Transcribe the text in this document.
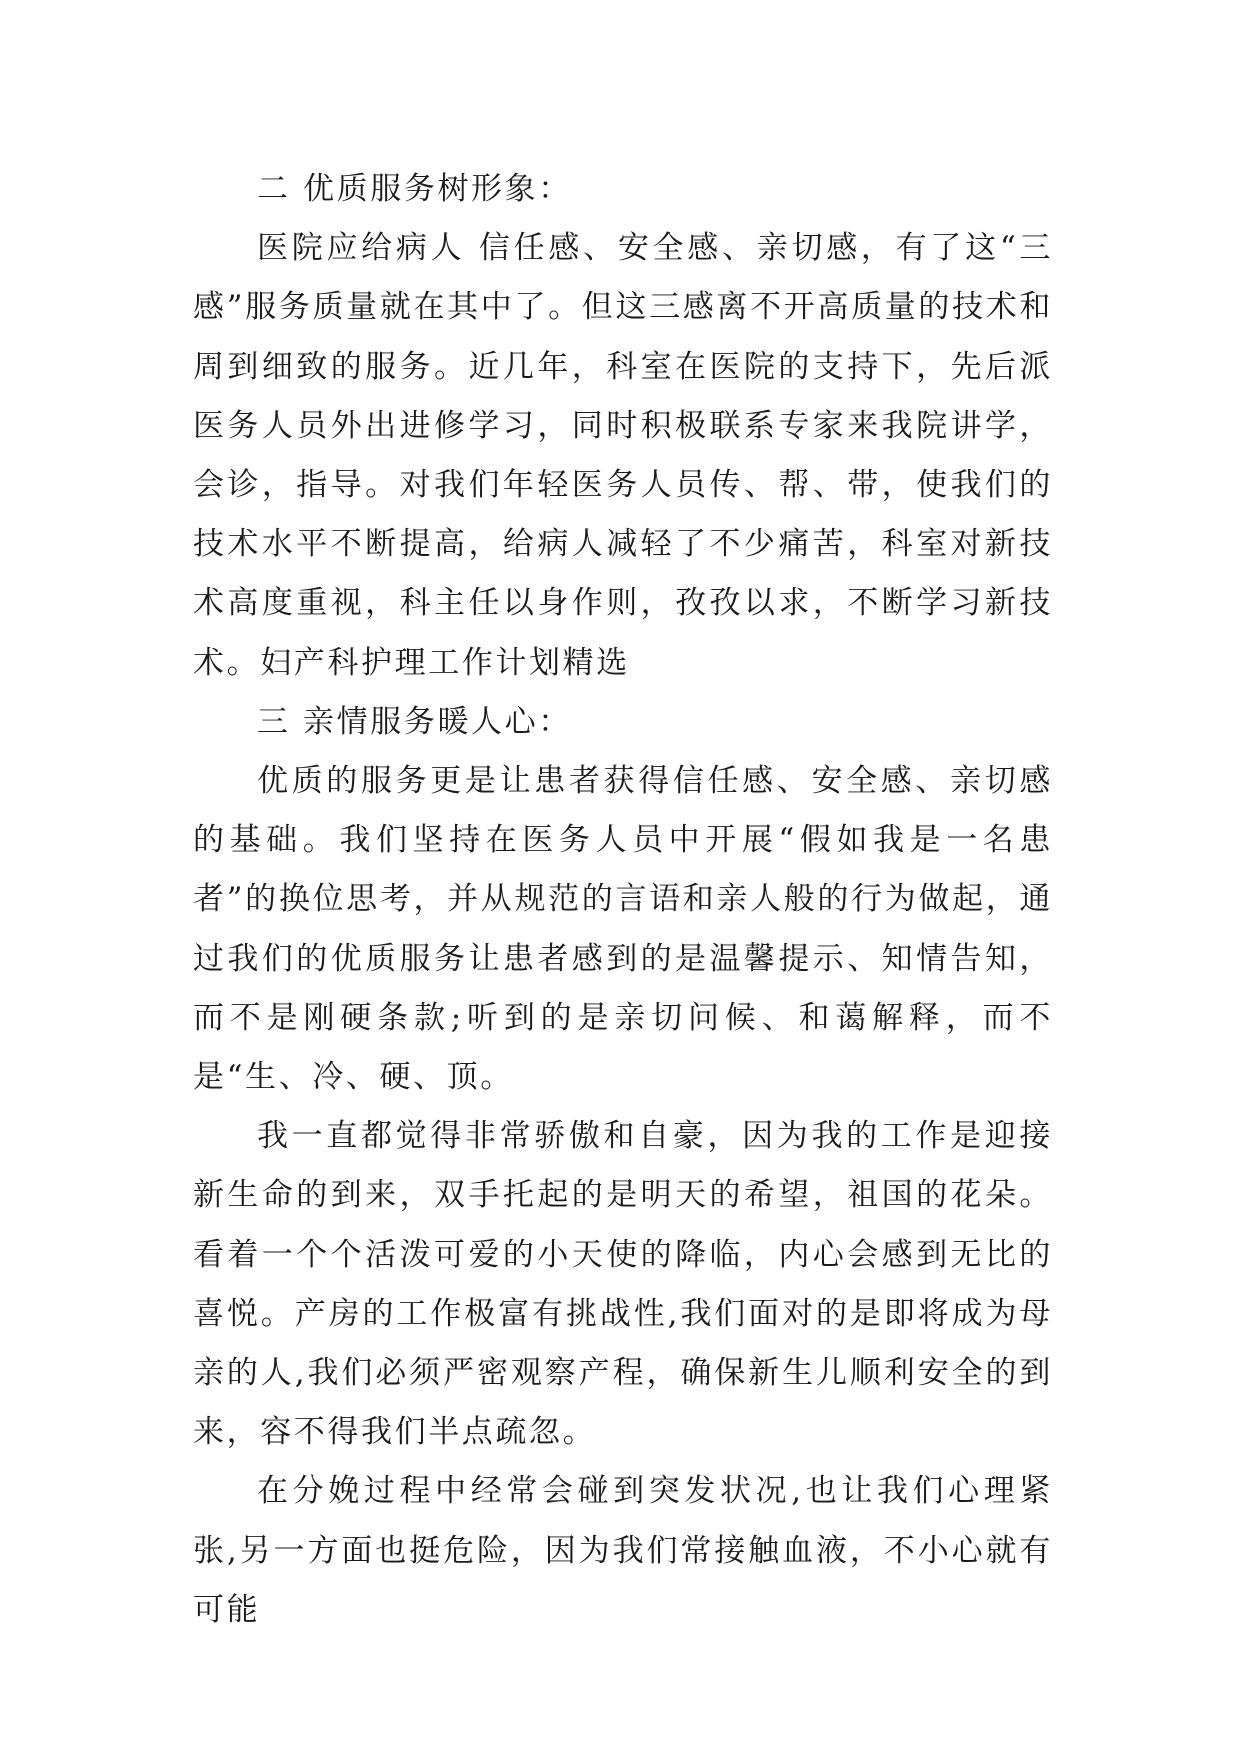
二 优质服务树形象：

医院应给病人 信任感、安全感、亲切感，有了这“三感”服务质量就在其中了。但这三感离不开高质量的技术和周到细致的服务。近几年，科室在医院的支持下，先后派医务人员外出进修学习，同时积极联系专家来我院讲学，会诊，指导。对我们年轻医务人员传、帮、带，使我们的技术水平不断提高，给病人减轻了不少痛苦，科室对新技术高度重视，科主任以身作则，孜孜以求，不断学习新技术。妇产科护理工作计划精选

三 亲情服务暖人心：

优质的服务更是让患者获得信任感、安全感、亲切感的基础。我们坚持在医务人员中开展“假如我是一名患者”的换位思考，并从规范的言语和亲人般的行为做起，通过我们的优质服务让患者感到的是温馨提示、知情告知，而不是刚硬条款;听到的是亲切问候、和蔼解释，而不是“生、冷、硬、顶。

我一直都觉得非常骄傲和自豪，因为我的工作是迎接新生命的到来，双手托起的是明天的希望，祖国的花朵。看着一个个活泼可爱的小天使的降临，内心会感到无比的喜悦。产房的工作极富有挑战性,我们面对的是即将成为母亲的人,我们必须严密观察产程，确保新生儿顺利安全的到来，容不得我们半点疏忽。

在分娩过程中经常会碰到突发状况,也让我们心理紧张,另一方面也挺危险，因为我们常接触血液，不小心就有可能
